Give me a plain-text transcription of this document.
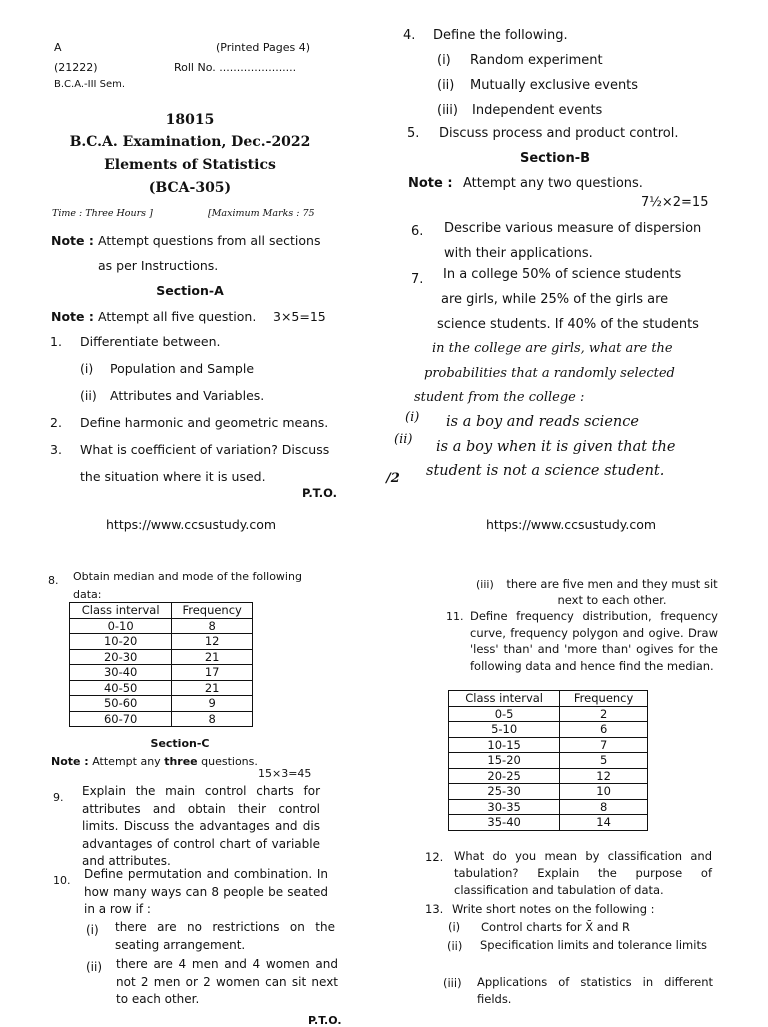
A	(Printed Pages 4)
(21222)	Roll No. ......................
B.C.A.-III Sem.
18015
B.C.A. Examination, Dec.-2022
Elements of Statistics
(BCA-305)
Time : Three Hours ]	[Maximum Marks : 75
Note : Attempt questions from all sections
as per Instructions.
Section-A
Note : Attempt all five question. 3×5=15
1. Differentiate between.
(i) Population and Sample
(ii) Attributes and Variables.
2. Define harmonic and geometric means.
3. What is coefficient of variation? Discuss
the situation where it is used.
P.T.O.
https://www.ccsustudy.com
4. Define the following.
(i) Random experiment
(ii) Mutually exclusive events
(iii) Independent events
5. Discuss process and product control.
Section-B
Note : Attempt any two questions.
7½×2=15
6. Describe various measure of dispersion
with their applications.
7. In a college 50% of science students
are girls, while 25% of the girls are
science students. If 40% of the students
in the college are girls, what are the
probabilities that a randomly selected
student from the college :
(i) is a boy and reads science
(ii) is a boy when it is given that the
student is not a science student.
/2
https://www.ccsustudy.com
8. Obtain median and mode of the following
data:
Class interval	Frequency
0-10	8
10-20	12
20-30	21
30-40	17
40-50	21
50-60	9
60-70	8
Section-C
Note : Attempt any three questions.
15×3=45
9. Explain the main control charts for attributes and obtain their control limits. Discuss the advantages and dis advantages of control chart of variable and attributes.
10. Define permutation and combination. In how many ways can 8 people be seated in a row if :
(i) there are no restrictions on the seating arrangement.
(ii) there are 4 men and 4 women and not 2 men or 2 women can sit next to each other.
P.T.O.
(iii) there are five men and they must sit next to each other.
11. Define frequency distribution, frequency curve, frequency polygon and ogive. Draw 'less' than' and 'more than' ogives for the following data and hence find the median.
Class interval	Frequency
0-5	2
5-10	6
10-15	7
15-20	5
20-25	12
25-30	10
30-35	8
35-40	14
12. What do you mean by classification and tabulation? Explain the purpose of classification and tabulation of data.
13. Write short notes on the following :
(i) Control charts for X̄ and R
(ii) Specification limits and tolerance limits
(iii) Applications of statistics in different fields.
